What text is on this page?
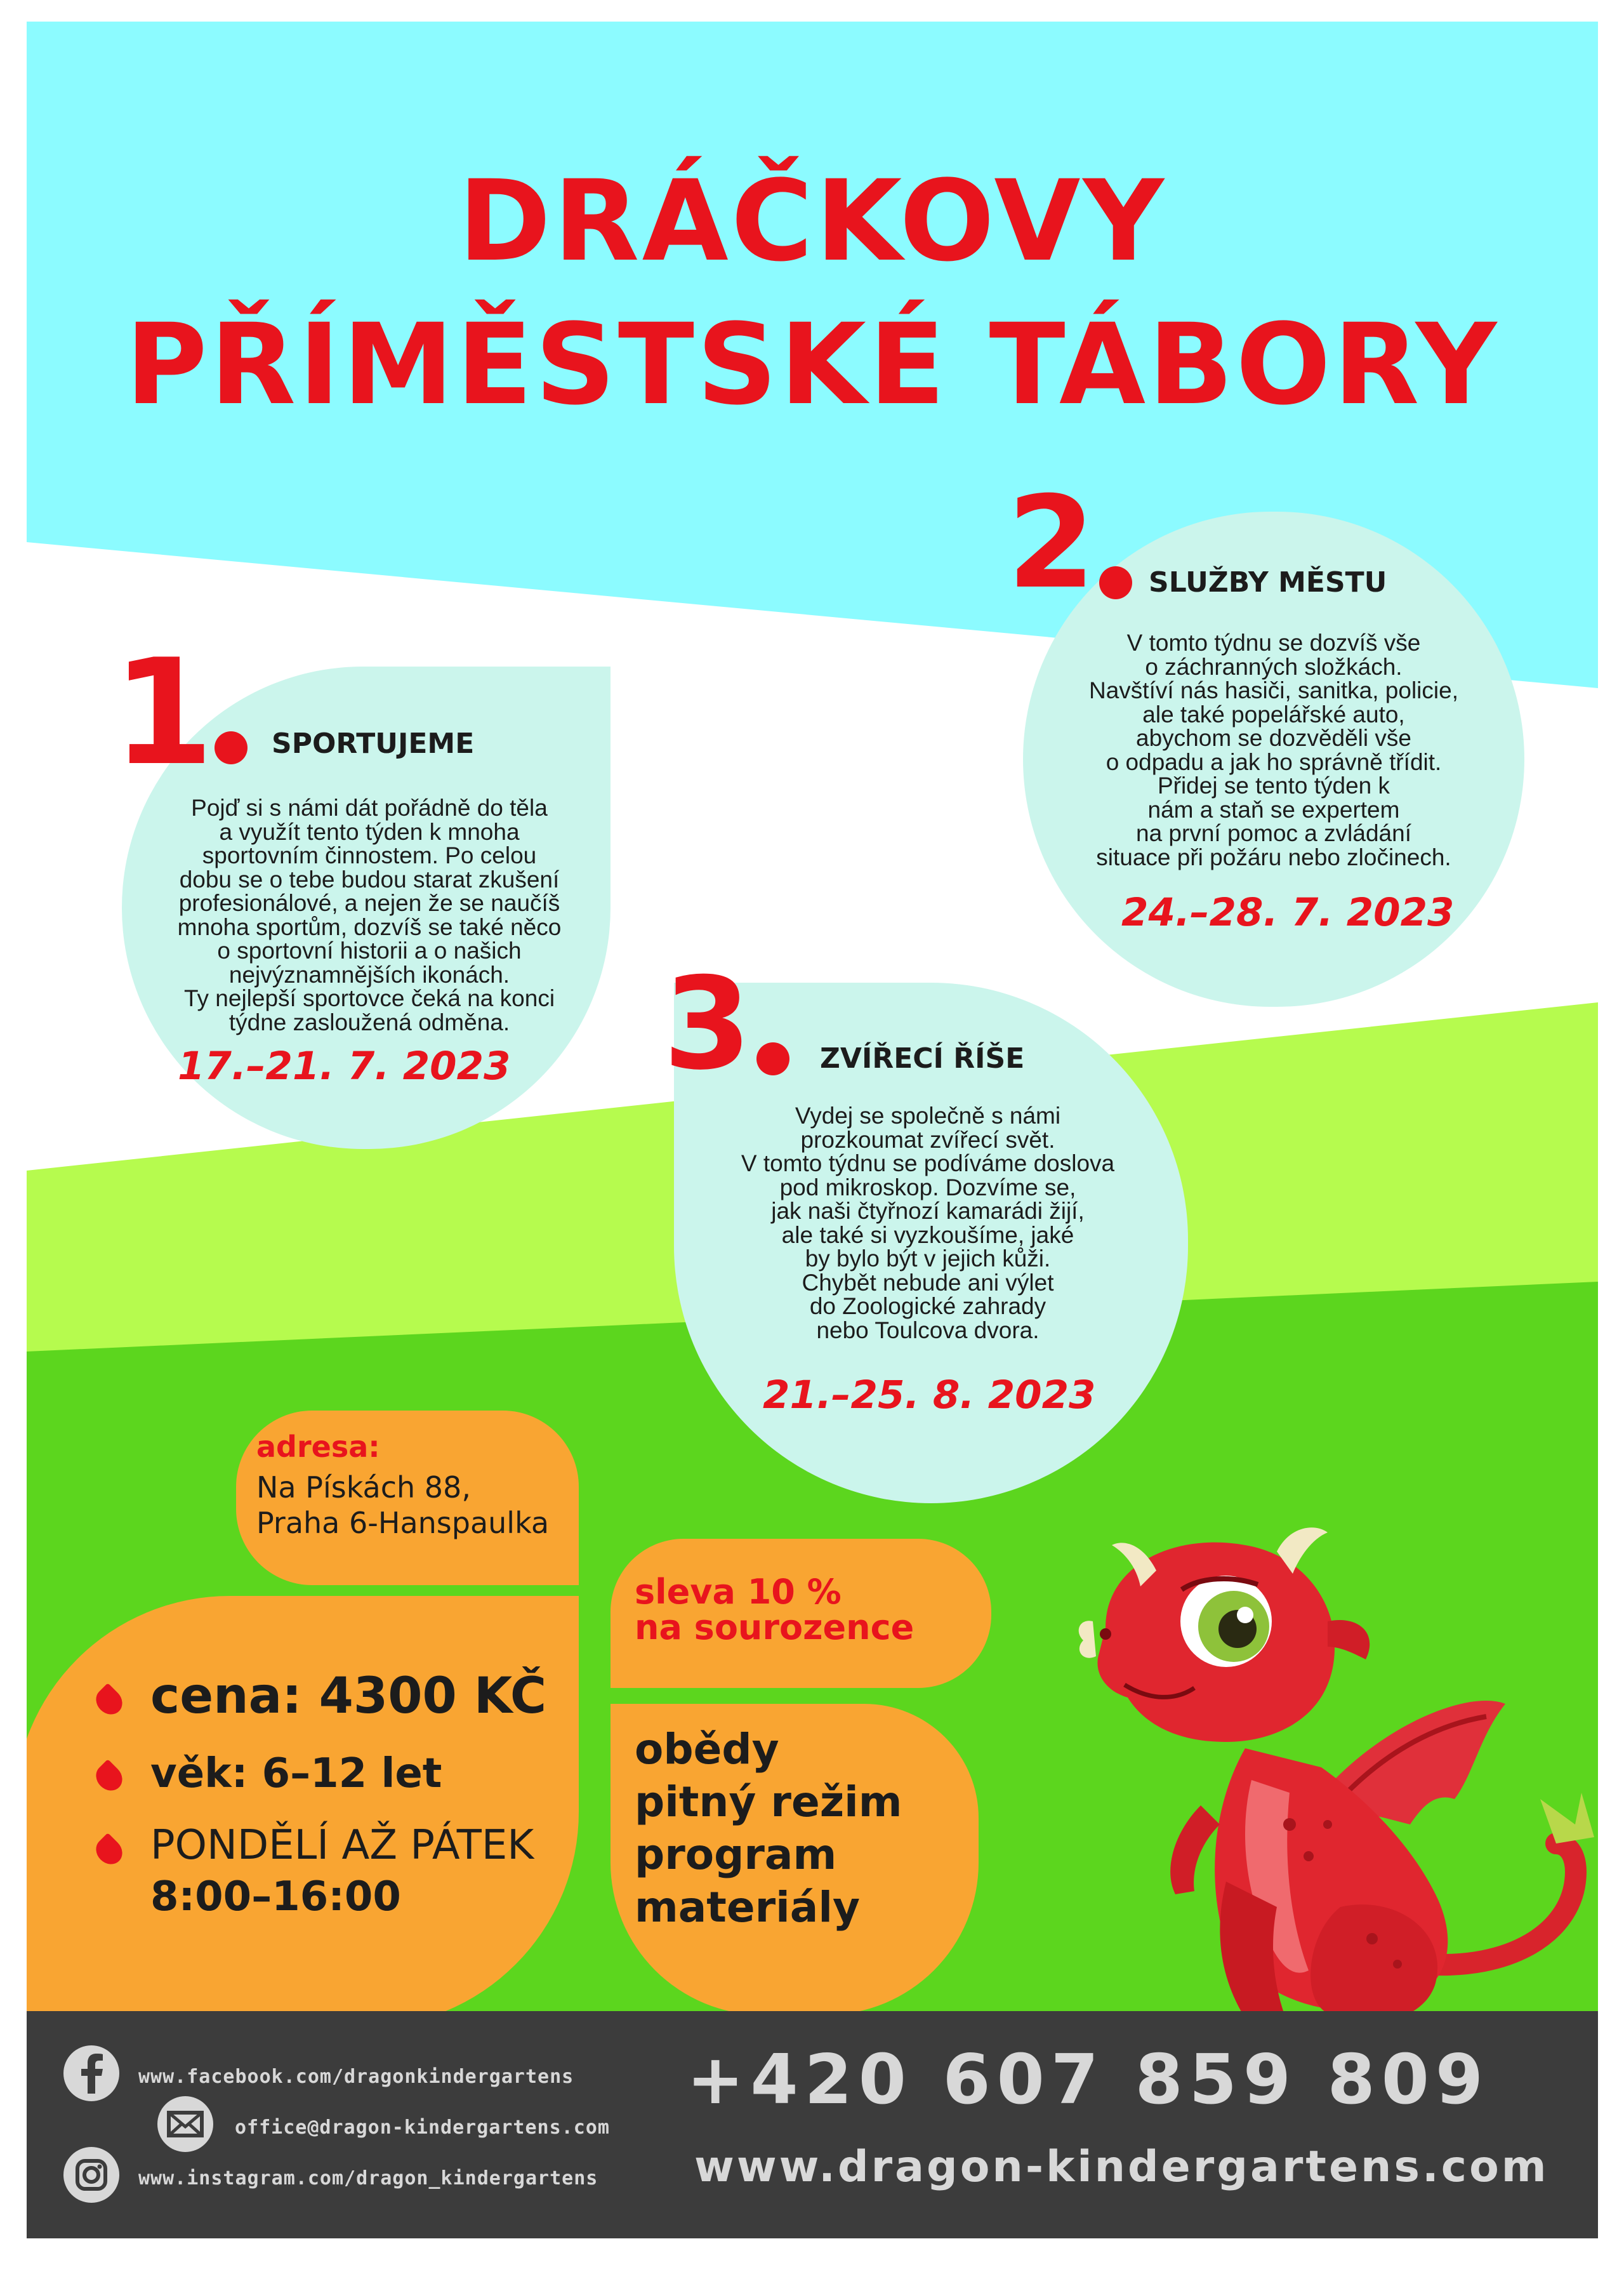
DRÁČKOVY
PŘÍMĚSTSKÉ TÁBORY
1 SPORTUJEME
Pojď si s námi dát pořádně do těla
a využít tento týden k mnoha
sportovním činnostem. Po celou
dobu se o tebe budou starat zkušení
profesionálové, a nejen že se naučíš
mnoha sportům, dozvíš se také něco
o sportovní historii a o našich
nejvýznamnějších ikonách.
Ty nejlepší sportovce čeká na konci
týdne zasloužená odměna.
17.–21. 7. 2023
2 SLUŽBY MĚSTU
V tomto týdnu se dozvíš vše
o záchranných složkách.
Navštíví nás hasiči, sanitka, policie,
ale také popelářské auto,
abychom se dozvěděli vše
o odpadu a jak ho správně třídit.
Přidej se tento týden k
nám a staň se expertem
na první pomoc a zvládání
situace při požáru nebo zločinech.
24.–28. 7. 2023
3 ZVÍŘECÍ ŘÍŠE
Vydej se společně s námi
prozkoumat zvířecí svět.
V tomto týdnu se podíváme doslova
pod mikroskop. Dozvíme se,
jak naši čtyřnozí kamarádi žijí,
ale také si vyzkoušíme, jaké
by bylo být v jejich kůži.
Chybět nebude ani výlet
do Zoologické zahrady
nebo Toulcova dvora.
21.–25. 8. 2023
adresa:
Na Pískách 88,
Praha 6-Hanspaulka
sleva 10 %
na sourozence
cena: 4300 KČ
věk: 6–12 let
PONDĚLÍ AŽ PÁTEK
8:00–16:00
obědy
pitný režim
program
materiály
www.facebook.com/dragonkindergartens
office@dragon-kindergartens.com
www.instagram.com/dragon_kindergartens
+420 607 859 809
www.dragon-kindergartens.com
